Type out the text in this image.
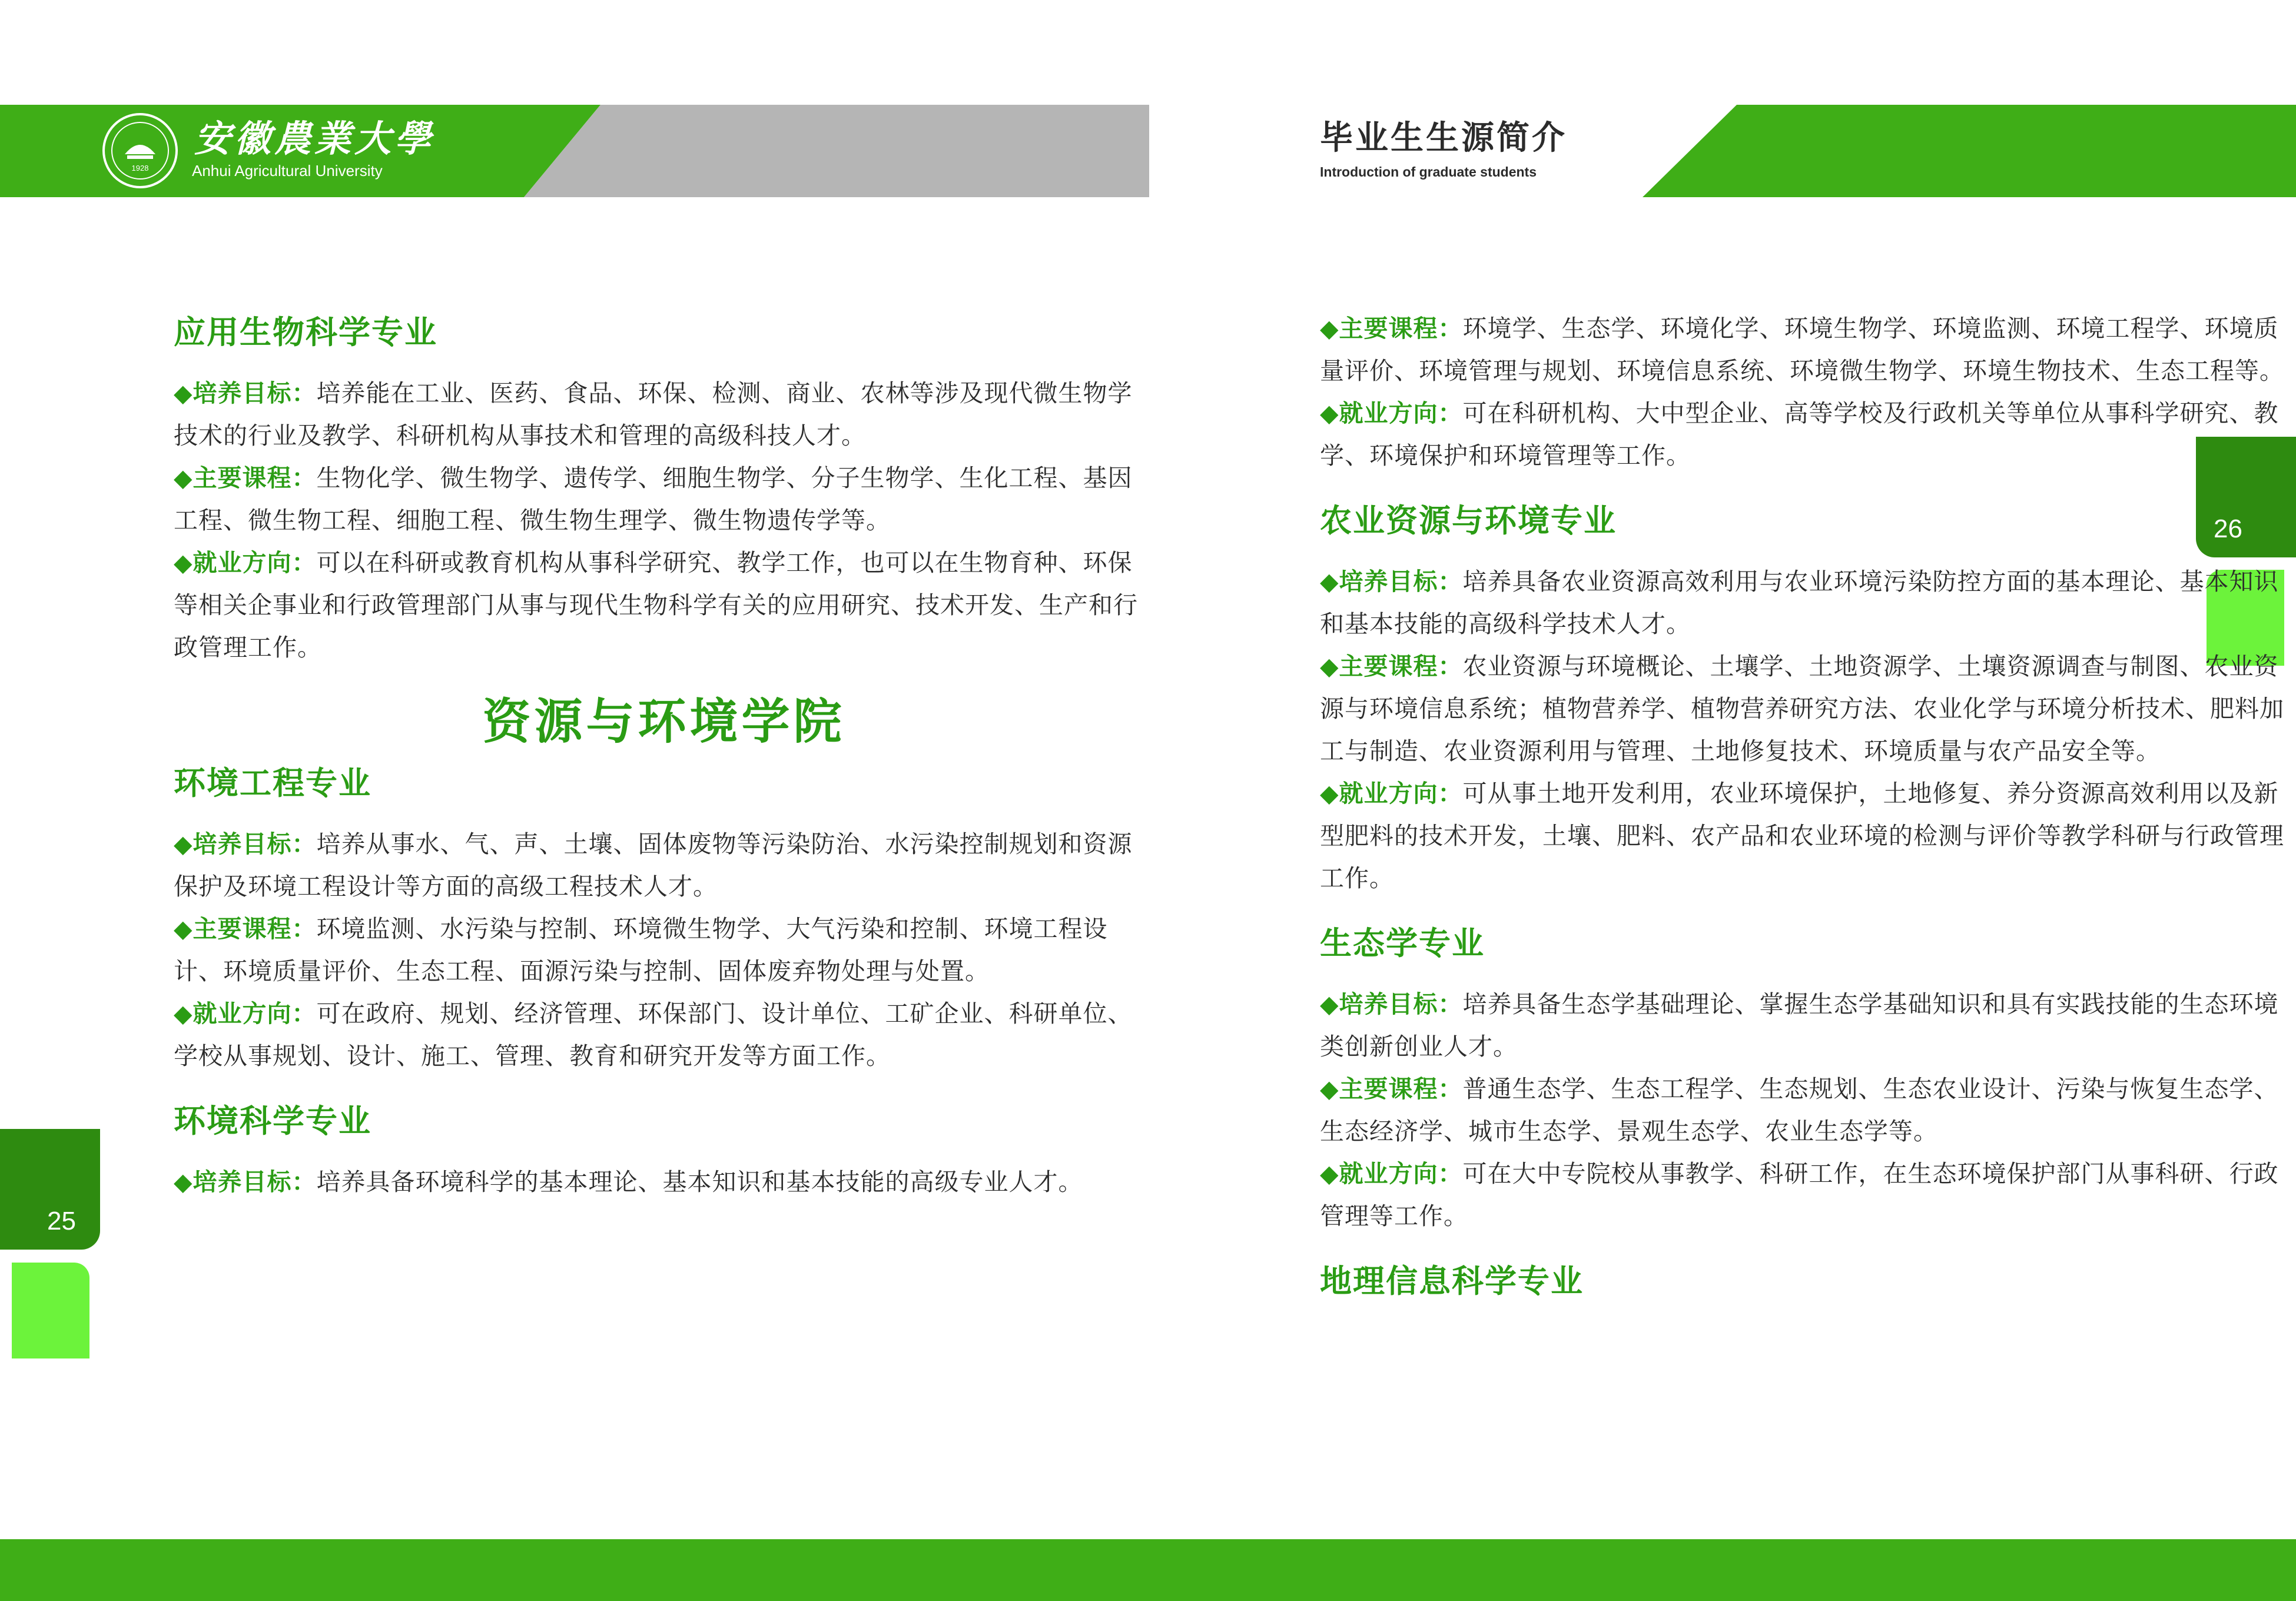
1928
安徽農業大學
Anhui Agricultural University
毕业生生源简介
Introduction of graduate students
25
26
应用生物科学专业

◆培养目标：培养能在工业、医药、食品、环保、检测、商业、农林等涉及现代微生物学技术的行业及教学、科研机构从事技术和管理的高级科技人才。

◆主要课程：生物化学、微生物学、遗传学、细胞生物学、分子生物学、生化工程、基因工程、微生物工程、细胞工程、微生物生理学、微生物遗传学等。

◆就业方向：可以在科研或教育机构从事科学研究、教学工作，也可以在生物育种、环保等相关企事业和行政管理部门从事与现代生物科学有关的应用研究、技术开发、生产和行政管理工作。

资源与环境学院

环境工程专业

◆培养目标：培养从事水、气、声、土壤、固体废物等污染防治、水污染控制规划和资源保护及环境工程设计等方面的高级工程技术人才。

◆主要课程：环境监测、水污染与控制、环境微生物学、大气污染和控制、环境工程设计、环境质量评价、生态工程、面源污染与控制、固体废弃物处理与处置。

◆就业方向：可在政府、规划、经济管理、环保部门、设计单位、工矿企业、科研单位、学校从事规划、设计、施工、管理、教育和研究开发等方面工作。

环境科学专业

◆培养目标：培养具备环境科学的基本理论、基本知识和基本技能的高级专业人才。

◆主要课程：环境学、生态学、环境化学、环境生物学、环境监测、环境工程学、环境质量评价、环境管理与规划、环境信息系统、环境微生物学、环境生物技术、生态工程等。

◆就业方向：可在科研机构、大中型企业、高等学校及行政机关等单位从事科学研究、教学、环境保护和环境管理等工作。

农业资源与环境专业

◆培养目标：培养具备农业资源高效利用与农业环境污染防控方面的基本理论、基本知识和基本技能的高级科学技术人才。

◆主要课程：农业资源与环境概论、土壤学、土地资源学、土壤资源调查与制图、农业资源与环境信息系统；植物营养学、植物营养研究方法、农业化学与环境分析技术、肥料加工与制造、农业资源利用与管理、土地修复技术、环境质量与农产品安全等。

◆就业方向：可从事土地开发利用，农业环境保护，土地修复、养分资源高效利用以及新型肥料的技术开发，土壤、肥料、农产品和农业环境的检测与评价等教学科研与行政管理工作。

生态学专业

◆培养目标：培养具备生态学基础理论、掌握生态学基础知识和具有实践技能的生态环境类创新创业人才。

◆主要课程：普通生态学、生态工程学、生态规划、生态农业设计、污染与恢复生态学、生态经济学、城市生态学、景观生态学、农业生态学等。

◆就业方向：可在大中专院校从事教学、科研工作，在生态环境保护部门从事科研、行政管理等工作。

地理信息科学专业
